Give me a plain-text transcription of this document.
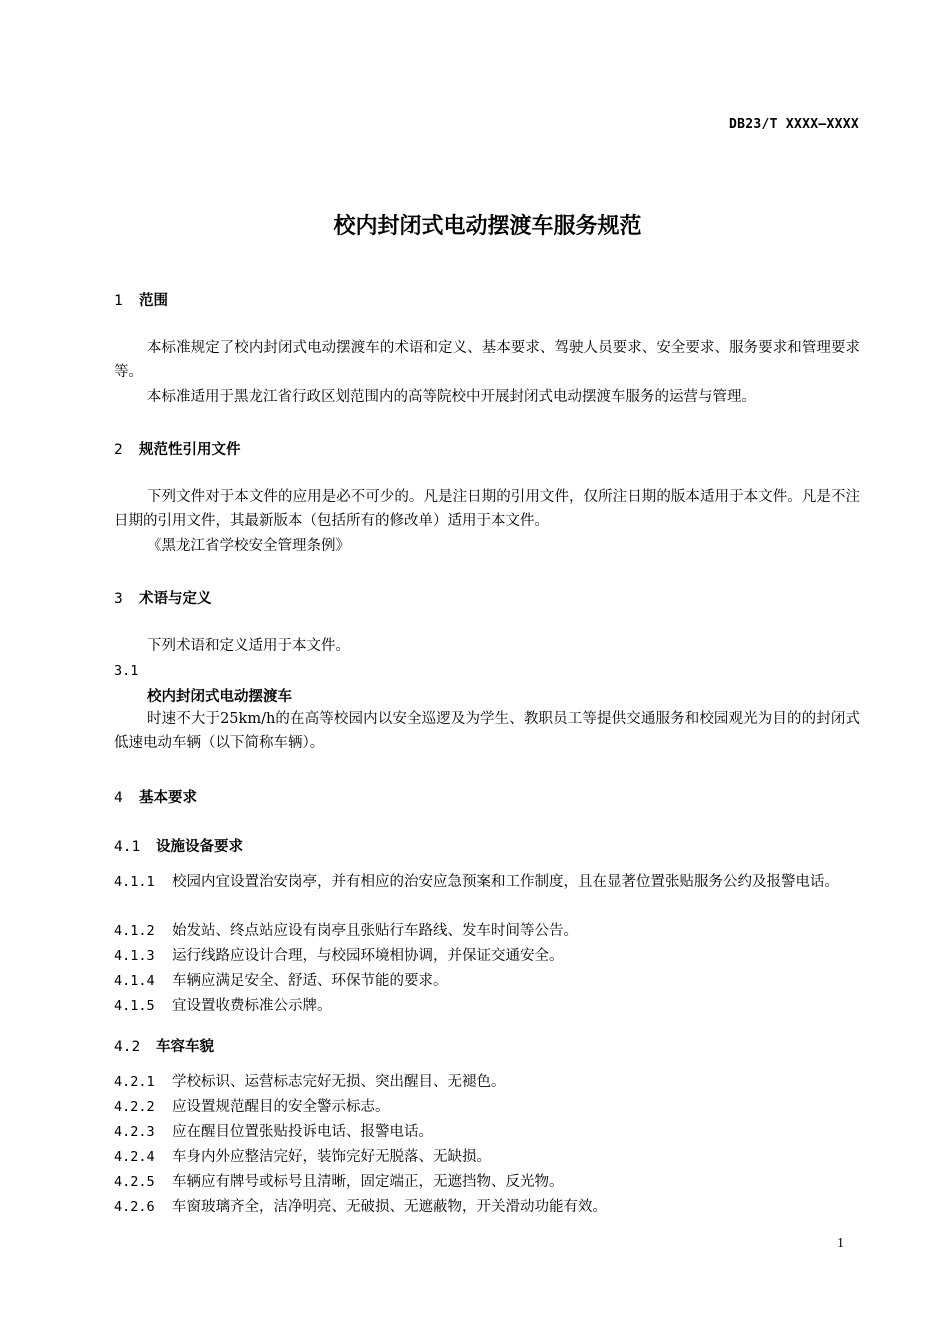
DB23/T XXXX—XXXX
校内封闭式电动摆渡车服务规范
1 范围
本标准规定了校内封闭式电动摆渡车的术语和定义、基本要求、驾驶人员要求、安全要求、服务要求和管理要求等。
本标准适用于黑龙江省行政区划范围内的高等院校中开展封闭式电动摆渡车服务的运营与管理。
2 规范性引用文件
下列文件对于本文件的应用是必不可少的。凡是注日期的引用文件，仅所注日期的版本适用于本文件。凡是不注日期的引用文件，其最新版本（包括所有的修改单）适用于本文件。
《黑龙江省学校安全管理条例》
3 术语与定义
下列术语和定义适用于本文件。
3.1
校内封闭式电动摆渡车
时速不大于25km/h的在高等校园内以安全巡逻及为学生、教职员工等提供交通服务和校园观光为目的的封闭式低速电动车辆（以下简称车辆）。
4 基本要求
4.1 设施设备要求
4.1.1 校园内宜设置治安岗亭，并有相应的治安应急预案和工作制度，且在显著位置张贴服务公约及报警电话。
4.1.2 始发站、终点站应设有岗亭且张贴行车路线、发车时间等公告。
4.1.3 运行线路应设计合理，与校园环境相协调，并保证交通安全。
4.1.4 车辆应满足安全、舒适、环保节能的要求。
4.1.5 宜设置收费标准公示牌。
4.2 车容车貌
4.2.1 学校标识、运营标志完好无损、突出醒目、无褪色。
4.2.2 应设置规范醒目的安全警示标志。
4.2.3 应在醒目位置张贴投诉电话、报警电话。
4.2.4 车身内外应整洁完好，装饰完好无脱落、无缺损。
4.2.5 车辆应有牌号或标号且清晰，固定端正，无遮挡物、反光物。
4.2.6 车窗玻璃齐全，洁净明亮、无破损、无遮蔽物，开关滑动功能有效。
1
